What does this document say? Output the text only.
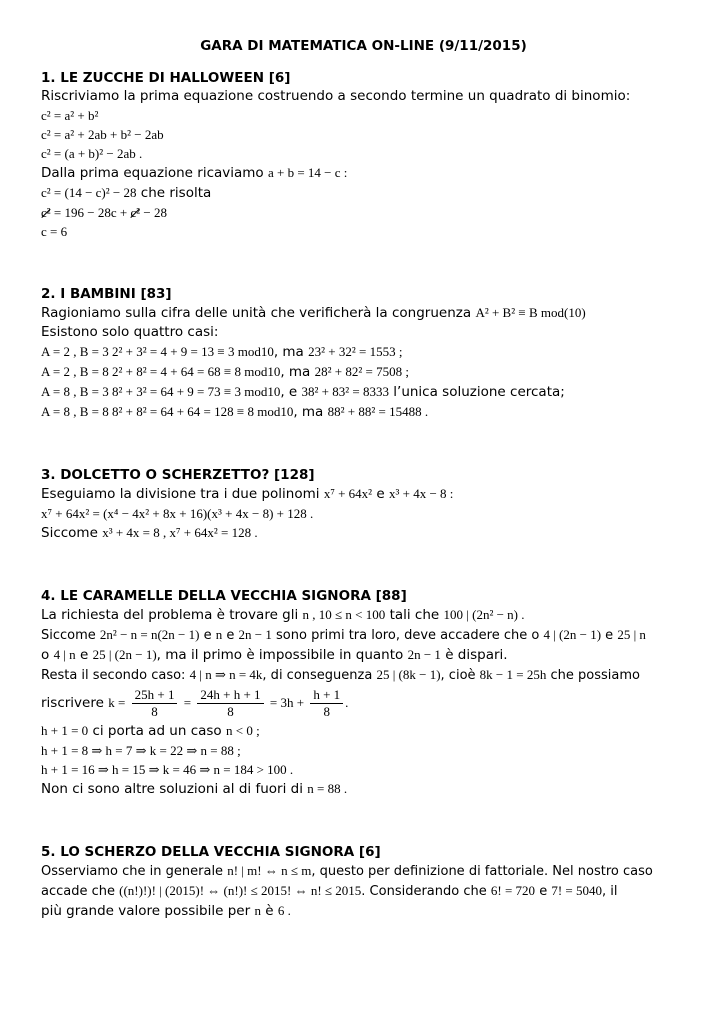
GARA DI MATEMATICA ON-LINE (9/11/2015)
1. LE ZUCCHE DI HALLOWEEN [6]

Riscriviamo la prima equazione costruendo a secondo termine un quadrato di binomio:

c² = a² + b²
c² = a² + 2ab + b² − 2ab
c² = (a + b)² − 2ab .

Dalla prima equazione ricaviamo a + b = 14 − c :

c² = (14 − c)² − 28 che risolta

c² = 196 − 28c + c² − 28
c = 6
2. I BAMBINI [83]

Ragioniamo sulla cifra delle unità che verificherà la congruenza A² + B² ≡ B mod(10)

Esistono solo quattro casi:

A = 2 , B = 3 2² + 3² = 4 + 9 = 13 ≡ 3 mod10, ma 23² + 32² = 1553 ;

A = 2 , B = 8 2² + 8² = 4 + 64 = 68 ≡ 8 mod10, ma 28² + 82² = 7508 ;

A = 8 , B = 3 8² + 3² = 64 + 9 = 73 ≡ 3 mod10, e 38² + 83² = 8333 l’unica soluzione cercata;

A = 8 , B = 8 8² + 8² = 64 + 64 = 128 ≡ 8 mod10, ma 88² + 88² = 15488 .

3. DOLCETTO O SCHERZETTO? [128]

Eseguiamo la divisione tra i due polinomi x⁷ + 64x² e x³ + 4x − 8 :

x⁷ + 64x² = (x⁴ − 4x² + 8x + 16)(x³ + 4x − 8) + 128 .

Siccome x³ + 4x = 8 , x⁷ + 64x² = 128 .

4. LE CARAMELLE DELLA VECCHIA SIGNORA [88]

La richiesta del problema è trovare gli n , 10 ≤ n < 100 tali che 100 | (2n² − n) .

Siccome 2n² − n = n(2n − 1) e n e 2n − 1 sono primi tra loro, deve accadere che o 4 | (2n − 1) e 25 | n

o 4 | n e 25 | (2n − 1), ma il primo è impossibile in quanto 2n − 1 è dispari.

Resta il secondo caso: 4 | n ⇒ n = 4k, di conseguenza 25 | (8k − 1), cioè 8k − 1 = 25h che possiamo

riscrivere $k = \frac{25h + 1}{8} = \frac{24h + h + 1}{8} = 3h + \frac{h + 1}{8}$ .

h + 1 = 0 ci porta ad un caso n < 0 ;

h + 1 = 8 ⇒ h = 7 ⇒ k = 22 ⇒ n = 88 ;
h + 1 = 16 ⇒ h = 15 ⇒ k = 46 ⇒ n = 184 > 100 .

Non ci sono altre soluzioni al di fuori di n = 88 .

5. LO SCHERZO DELLA VECCHIA SIGNORA [6]

Osserviamo che in generale n! | m! ⇔ n ≤ m, questo per definizione di fattoriale. Nel nostro caso

accade che ((n!)!)! | (2015)! ⇔ (n!)! ≤ 2015! ⇔ n! ≤ 2015. Considerando che 6! = 720 e 7! = 5040, il

più grande valore possibile per n è 6 .
